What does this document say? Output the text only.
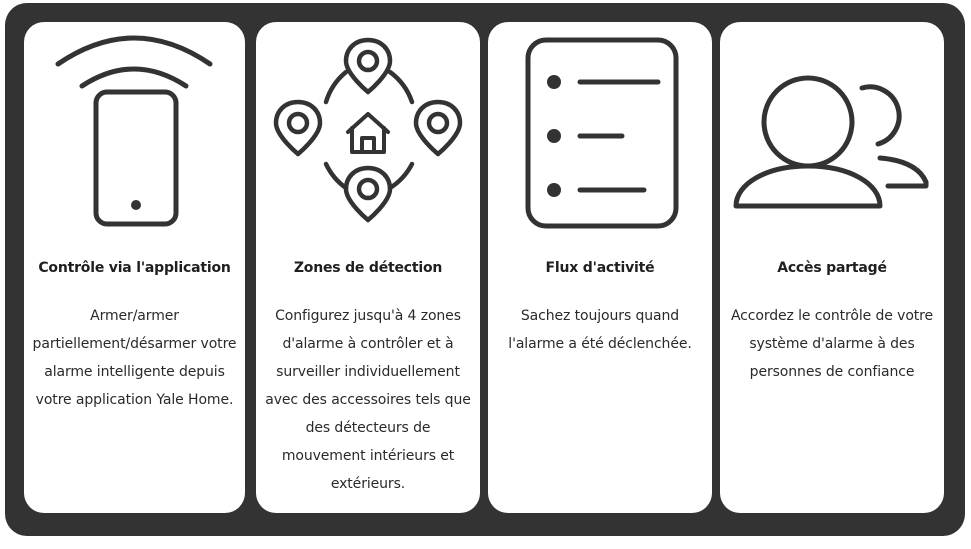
Contrôle via l'application
Armer/armer partiellement/désarmer votre alarme intelligente depuis votre application Yale Home.
Zones de détection
Configurez jusqu'à 4 zones d'alarme à contrôler et à surveiller individuellement avec des accessoires tels que des détecteurs de mouvement intérieurs et extérieurs.
Flux d'activité
Sachez toujours quand l'alarme a été déclenchée.
Accès partagé
Accordez le contrôle de votre système d'alarme à des personnes de confiance
